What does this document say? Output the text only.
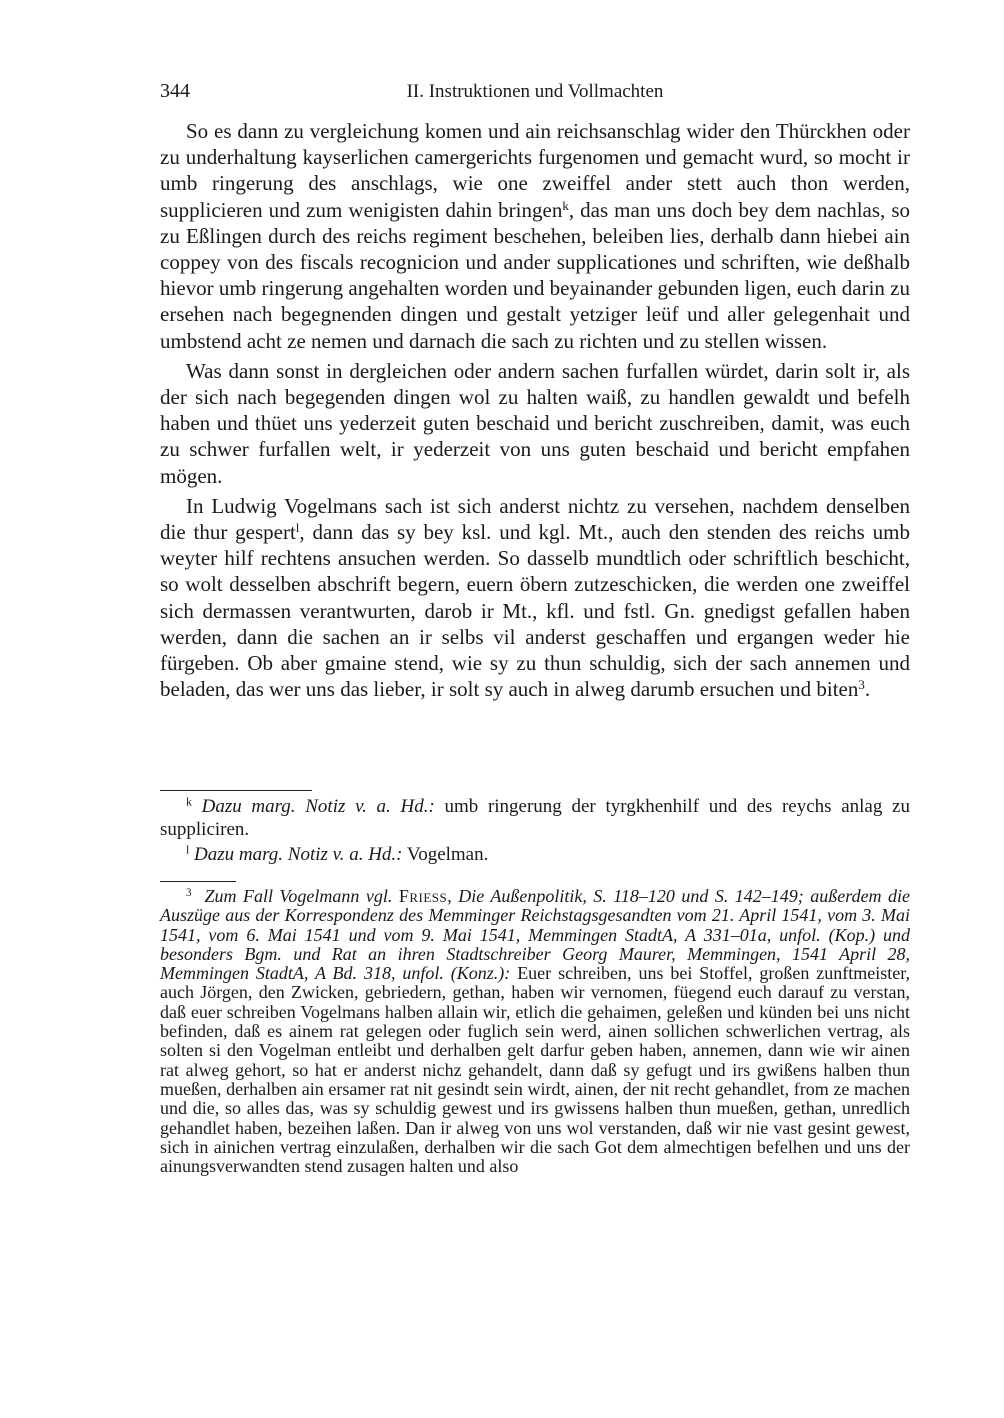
344	II. Instruktionen und Vollmachten

So es dann zu vergleichung komen und ain reichsanschlag wider den Thürckhen oder zu underhaltung kayserlichen camergerichts furgenomen und gemacht wurd, so mocht ir umb ringerung des anschlags, wie one zweiffel ander stett auch thon werden, supplicieren und zum wenigisten dahin bringen$^k$, das man uns doch bey dem nachlas, so zu Eßlingen durch des reichs regiment beschehen, beleiben lies, derhalb dann hiebei ain coppey von des fiscals recognicion und ander supplicationes und schriften, wie deßhalb hievor umb ringerung angehalten worden und beyainander gebunden ligen, euch darin zu ersehen nach begegnenden dingen und gestalt yetziger leüf und aller gelegenhait und umbstend acht ze nemen und darnach die sach zu richten und zu stellen wissen.

Was dann sonst in dergleichen oder andern sachen furfallen würdet, darin solt ir, als der sich nach begegenden dingen wol zu halten waiß, zu handlen gewaldt und befelh haben und thüet uns yederzeit guten beschaid und bericht zuschreiben, damit, was euch zu schwer furfallen welt, ir yederzeit von uns guten beschaid und bericht empfahen mögen.

In Ludwig Vogelmans sach ist sich anderst nichtz zu versehen, nachdem denselben die thur gespert$^l$, dann das sy bey ksl. und kgl. Mt., auch den stenden des reichs umb weyter hilf rechtens ansuchen werden. So dasselb mundtlich oder schriftlich beschicht, so wolt desselben abschrift begern, euern öbern zutzeschicken, die werden one zweiffel sich dermassen verantwurten, darob ir Mt., kfl. und fstl. Gn. gnedigst gefallen haben werden, dann die sachen an ir selbs vil anderst geschaffen und ergangen weder hie fürgeben. Ob aber gmaine stend, wie sy zu thun schuldig, sich der sach annemen und beladen, das wer uns das lieber, ir solt sy auch in alweg darumb ersuchen und biten$^3$.

$^k$ Dazu marg. Notiz v. a. Hd.: umb ringerung der tyrgkhenhilf und des reychs anlag zu suppliciren.

$^l$ Dazu marg. Notiz v. a. Hd.: Vogelman.

$^3$ Zum Fall Vogelmann vgl. Friess, Die Außenpolitik, S. 118–120 und S. 142–149; außerdem die Auszüge aus der Korrespondenz des Memminger Reichstagsgesandten vom 21. April 1541, vom 3. Mai 1541, vom 6. Mai 1541 und vom 9. Mai 1541, Memmingen StadtA, A 331–01a, unfol. (Kop.) und besonders Bgm. und Rat an ihren Stadtschreiber Georg Maurer, Memmingen, 1541 April 28, Memmingen StadtA, A Bd. 318, unfol. (Konz.): Euer schreiben, uns bei Stoffel, großen zunftmeister, auch Jörgen, den Zwicken, gebriedern, gethan, haben wir vernomen, füegend euch darauf zu verstan, daß euer schreiben Vogelmans halben allain wir, etlich die gehaimen, geleßen und künden bei uns nicht befinden, daß es ainem rat gelegen oder fuglich sein werd, ainen sollichen schwerlichen vertrag, als solten si den Vogelman entleibt und derhalben gelt darfur geben haben, annemen, dann wie wir ainen rat alweg gehort, so hat er anderst nichz gehandelt, dann daß sy gefugt und irs gwißens halben thun mueßen, derhalben ain ersamer rat nit gesindt sein wirdt, ainen, der nit recht gehandlet, from ze machen und die, so alles das, was sy schuldig gewest und irs gwissens halben thun mueßen, gethan, unredlich gehandlet haben, bezeihen laßen. Dan ir alweg von uns wol verstanden, daß wir nie vast gesint gewest, sich in ainichen vertrag einzulaßen, derhalben wir die sach Got dem almechtigen befelhen und uns der ainungsverwandten stend zusagen halten und also
